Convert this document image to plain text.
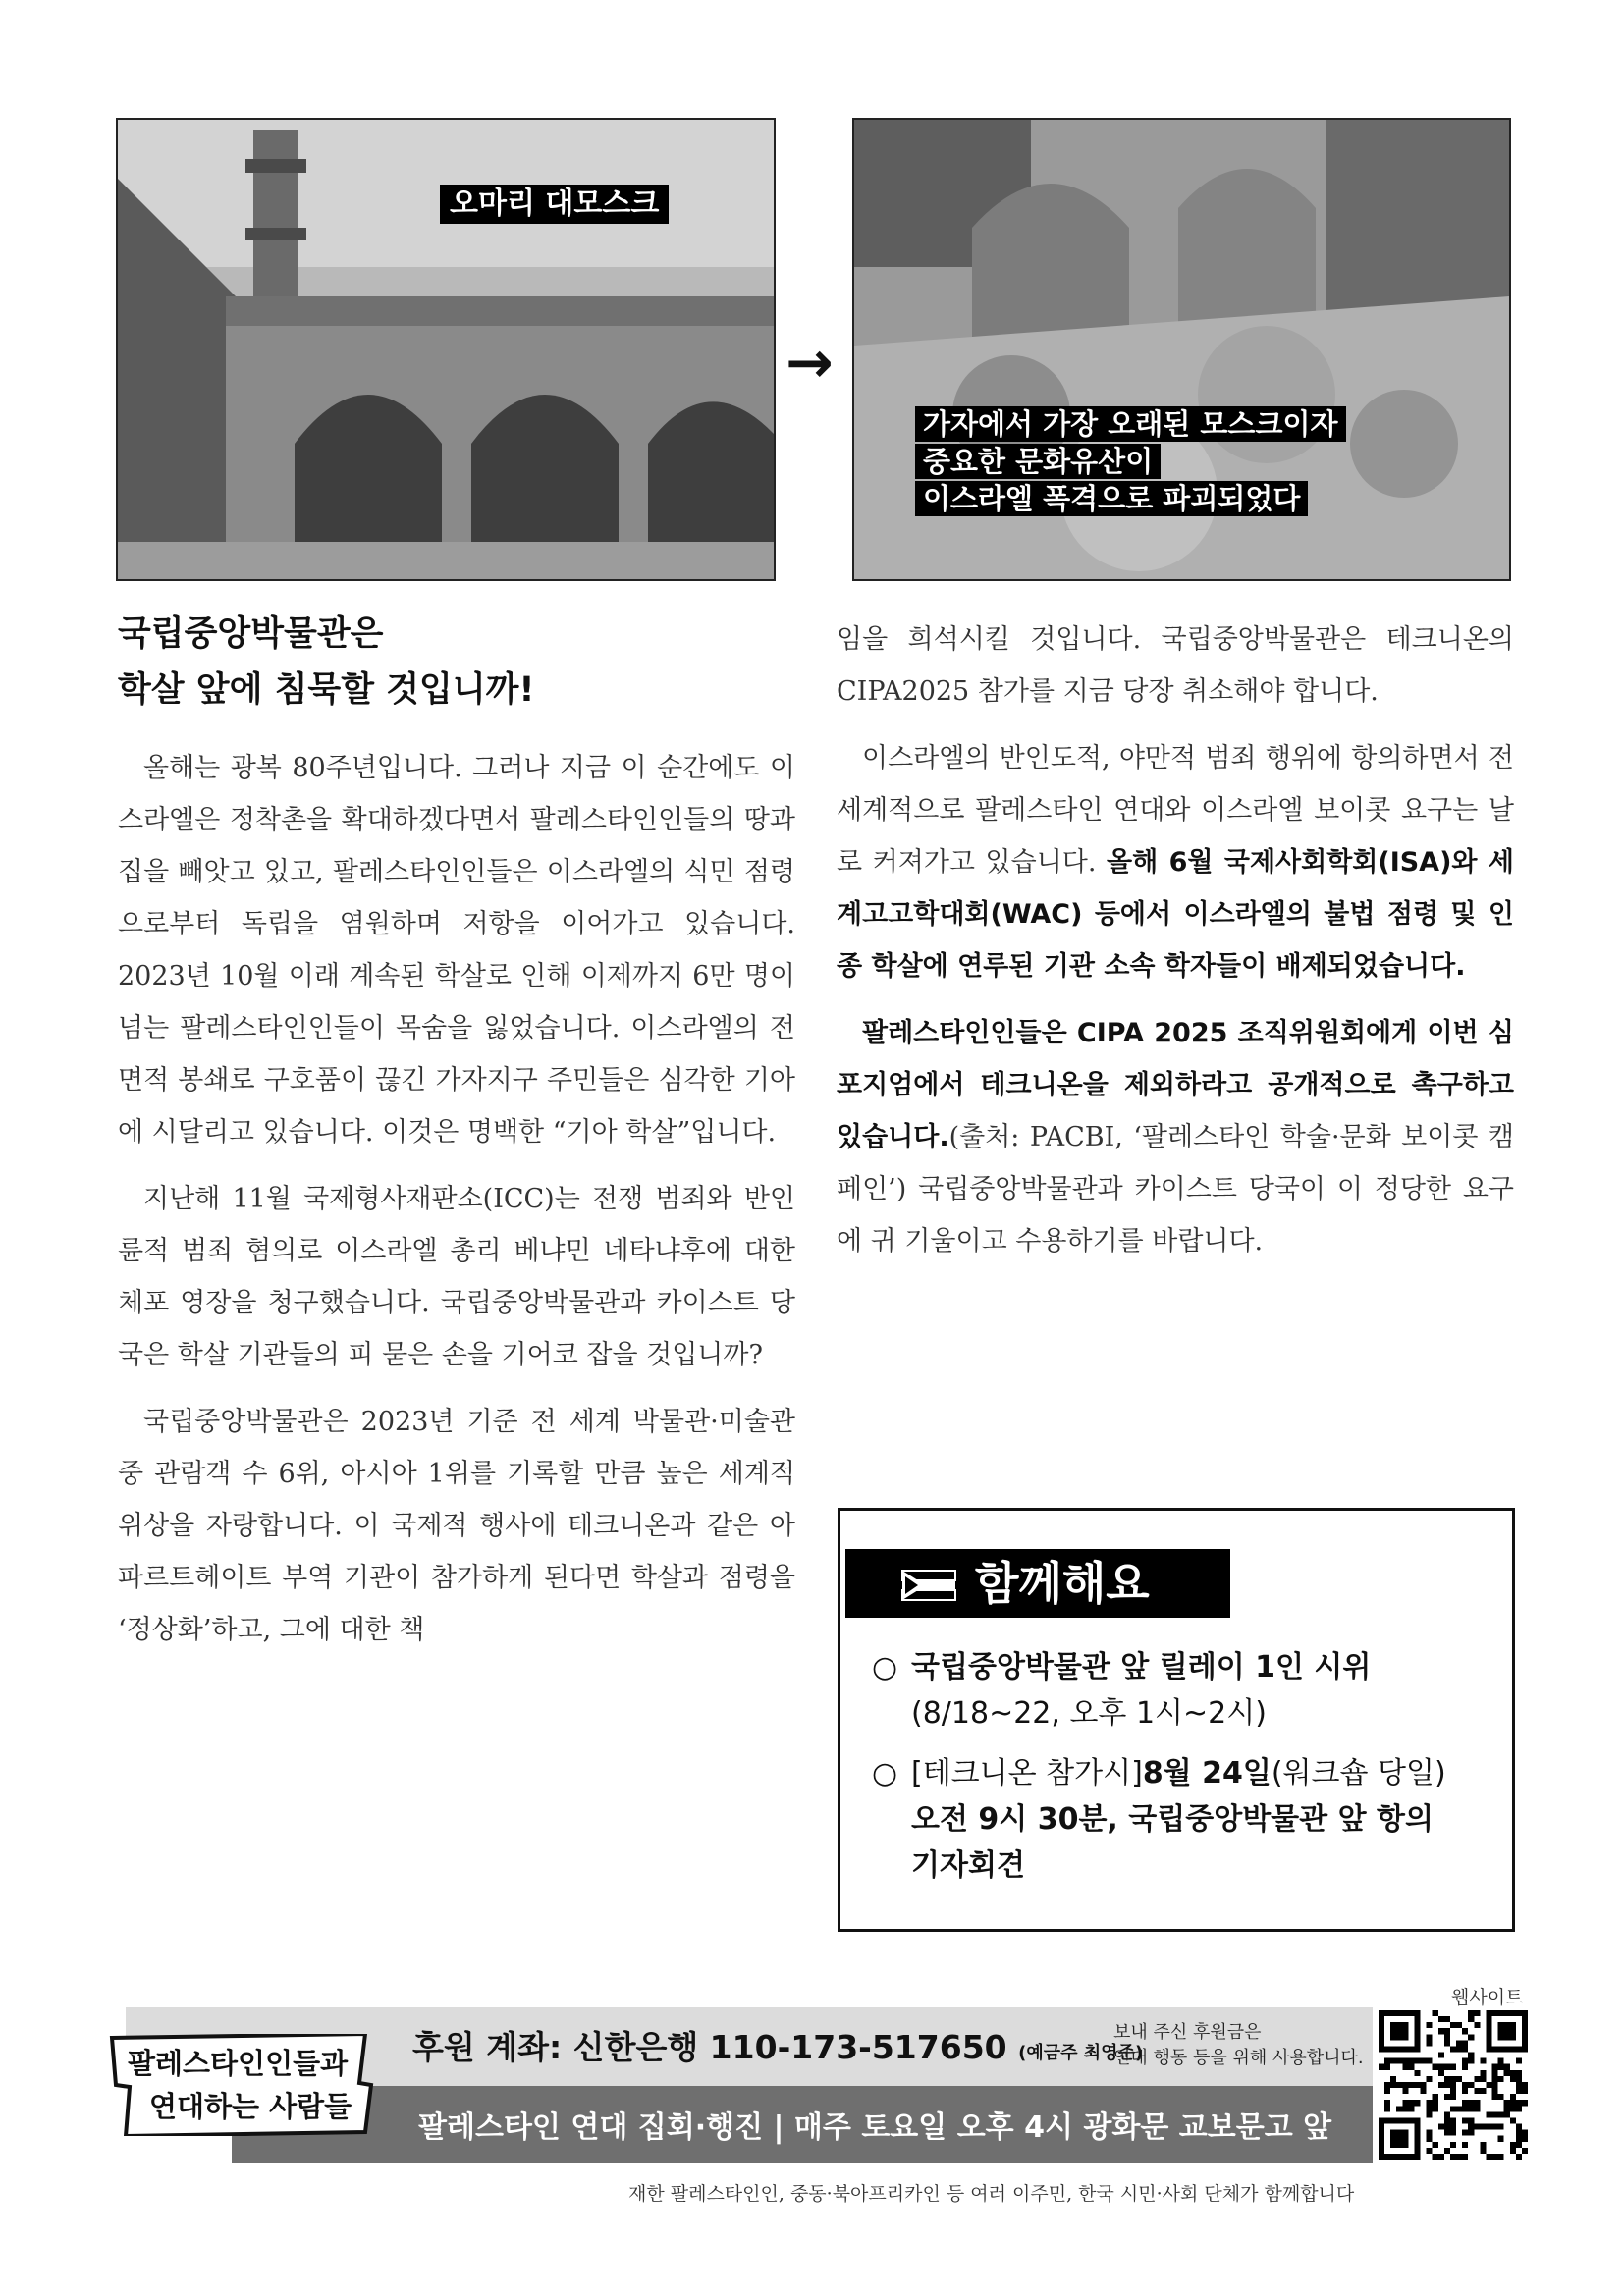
오마리 대모스크
→
가자에서 가장 오래된 모스크이자
중요한 문화유산이
이스라엘 폭격으로 파괴되었다
국립중앙박물관은
학살 앞에 침묵할 것입니까!

올해는 광복 80주년입니다. 그러나 지금 이 순간에도 이스라엘은 정착촌을 확대하겠다면서 팔레스타인인들의 땅과 집을 빼앗고 있고, 팔레스타인인들은 이스라엘의 식민 점령으로부터 독립을 염원하며 저항을 이어가고 있습니다. 2023년 10월 이래 계속된 학살로 인해 이제까지 6만 명이 넘는 팔레스타인인들이 목숨을 잃었습니다. 이스라엘의 전면적 봉쇄로 구호품이 끊긴 가자지구 주민들은 심각한 기아에 시달리고 있습니다. 이것은 명백한 “기아 학살”입니다.

지난해 11월 국제형사재판소(ICC)는 전쟁 범죄와 반인륜적 범죄 혐의로 이스라엘 총리 베냐민 네타냐후에 대한 체포 영장을 청구했습니다. 국립중앙박물관과 카이스트 당국은 학살 기관들의 피 묻은 손을 기어코 잡을 것입니까?

국립중앙박물관은 2023년 기준 전 세계 박물관·미술관 중 관람객 수 6위, 아시아 1위를 기록할 만큼 높은 세계적 위상을 자랑합니다. 이 국제적 행사에 테크니온과 같은 아파르트헤이트 부역 기관이 참가하게 된다면 학살과 점령을 ‘정상화’하고, 그에 대한 책

임을 희석시킬 것입니다. 국립중앙박물관은 테크니온의 CIPA2025 참가를 지금 당장 취소해야 합니다.

이스라엘의 반인도적, 야만적 범죄 행위에 항의하면서 전 세계적으로 팔레스타인 연대와 이스라엘 보이콧 요구는 날로 커져가고 있습니다. 올해 6월 국제사회학회(ISA)와 세계고고학대회(WAC) 등에서 이스라엘의 불법 점령 및 인종 학살에 연루된 기관 소속 학자들이 배제되었습니다.

팔레스타인인들은 CIPA 2025 조직위원회에게 이번 심포지엄에서 테크니온을 제외하라고 공개적으로 촉구하고 있습니다.(출처: PACBI, ‘팔레스타인 학술·문화 보이콧 캠페인’) 국립중앙박물관과 카이스트 당국이 이 정당한 요구에 귀 기울이고 수용하기를 바랍니다.

함께해요
○ 국립중앙박물관 앞 릴레이 1인 시위
(8/18~22, 오후 1시~2시)
○ [테크니온 참가시]8월 24일(워크숍 당일)
오전 9시 30분, 국립중앙박물관 앞 항의
기자회견
웹사이트
팔레스타인인들과
연대하는 사람들
후원 계좌: 신한은행 110-173-517650 (예금주 최영준)
보내 주신 후원금은
연대 행동 등을 위해 사용합니다.
팔레스타인 연대 집회·행진 | 매주 토요일 오후 4시 광화문 교보문고 앞
재한 팔레스타인인, 중동·북아프리카인 등 여러 이주민, 한국 시민·사회 단체가 함께합니다
